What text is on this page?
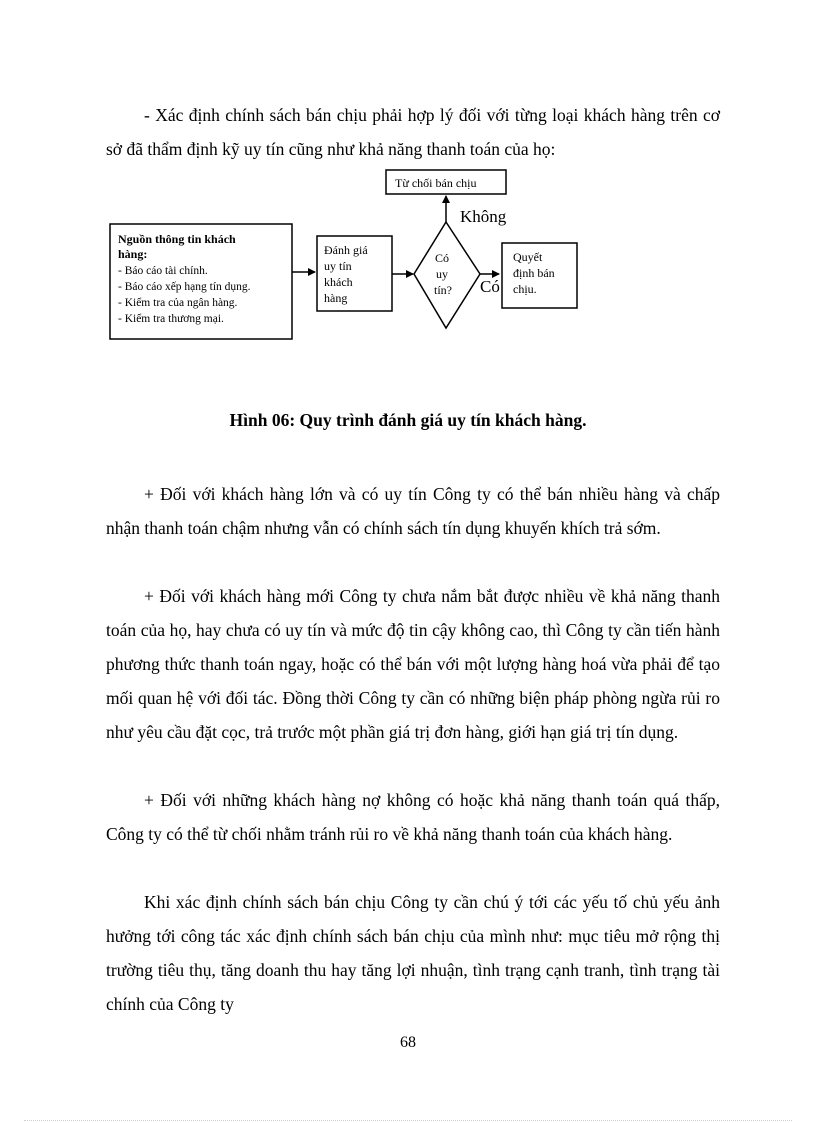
- Xác định chính sách bán chịu phải hợp lý đối với từng loại khách hàng trên cơ sở đã thẩm định kỹ uy tín cũng như khả năng thanh toán của họ:

Nguồn thông tin khách
hàng:
- Báo cáo tài chính.
- Báo cáo xếp hạng tín dụng.
- Kiểm tra của ngân hàng.
- Kiểm tra thương mại.
Đánh giá
uy tín
khách
hàng
Có
uy
tín?
Không
Từ chối bán chịu
Có
Quyết
định bán
chịu.
Hình 06: Quy trình đánh giá uy tín khách hàng.

+ Đối với khách hàng lớn và có uy tín Công ty có thể bán nhiều hàng và chấp nhận thanh toán chậm nhưng vẫn có chính sách tín dụng khuyến khích trả sớm.

+ Đối với khách hàng mới Công ty chưa nắm bắt được nhiều về khả năng thanh toán của họ, hay chưa có uy tín và mức độ tin cậy không cao, thì Công ty cần tiến hành phương thức thanh toán ngay, hoặc có thể bán với một lượng hàng hoá vừa phải để tạo mối quan hệ với đối tác. Đồng thời Công ty cần có những biện pháp phòng ngừa rủi ro như yêu cầu đặt cọc, trả trước một phần giá trị đơn hàng, giới hạn giá trị tín dụng.

+ Đối với những khách hàng nợ không có hoặc khả năng thanh toán quá thấp, Công ty có thể từ chối nhằm tránh rủi ro về khả năng thanh toán của khách hàng.

Khi xác định chính sách bán chịu Công ty cần chú ý tới các yếu tố chủ yếu ảnh hưởng tới công tác xác định chính sách bán chịu của mình như: mục tiêu mở rộng thị trường tiêu thụ, tăng doanh thu hay tăng lợi nhuận, tình trạng cạnh tranh, tình trạng tài chính của Công ty

68
